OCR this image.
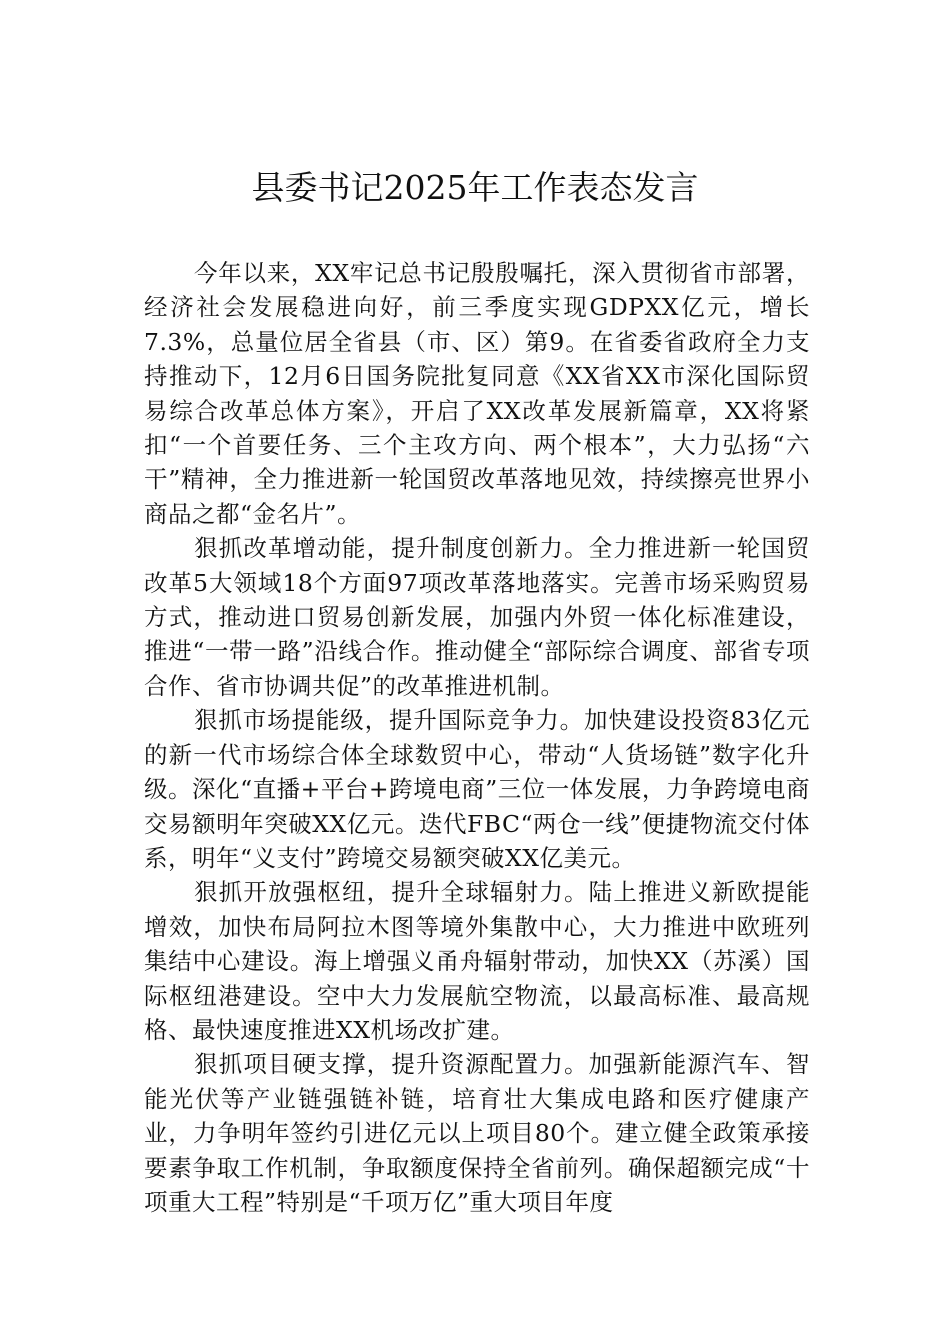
县委书记2025年工作表态发言

今年以来，XX牢记总书记殷殷嘱托，深入贯彻省市部署，经济社会发展稳进向好，前三季度实现GDPXX亿元，增长7.3%，总量位居全省县（市、区）第9。在省委省政府全力支持推动下，12月6日国务院批复同意《XX省XX市深化国际贸易综合改革总体方案》，开启了XX改革发展新篇章，XX将紧扣“一个首要任务、三个主攻方向、两个根本”，大力弘扬“六干”精神，全力推进新一轮国贸改革落地见效，持续擦亮世界小商品之都“金名片”。

狠抓改革增动能，提升制度创新力。全力推进新一轮国贸改革5大领域18个方面97项改革落地落实。完善市场采购贸易方式，推动进口贸易创新发展，加强内外贸一体化标准建设，推进“一带一路”沿线合作。推动健全“部际综合调度、部省专项合作、省市协调共促”的改革推进机制。

狠抓市场提能级，提升国际竞争力。加快建设投资83亿元的新一代市场综合体全球数贸中心，带动“人货场链”数字化升级。深化“直播+平台+跨境电商”三位一体发展，力争跨境电商交易额明年突破XX亿元。迭代FBC“两仓一线”便捷物流交付体系，明年“义支付”跨境交易额突破XX亿美元。

狠抓开放强枢纽，提升全球辐射力。陆上推进义新欧提能增效，加快布局阿拉木图等境外集散中心，大力推进中欧班列集结中心建设。海上增强义甬舟辐射带动，加快XX（苏溪）国际枢纽港建设。空中大力发展航空物流，以最高标准、最高规格、最快速度推进XX机场改扩建。

狠抓项目硬支撑，提升资源配置力。加强新能源汽车、智能光伏等产业链强链补链，培育壮大集成电路和医疗健康产业，力争明年签约引进亿元以上项目80个。建立健全政策承接要素争取工作机制，争取额度保持全省前列。确保超额完成“十项重大工程”特别是“千项万亿”重大项目年度
